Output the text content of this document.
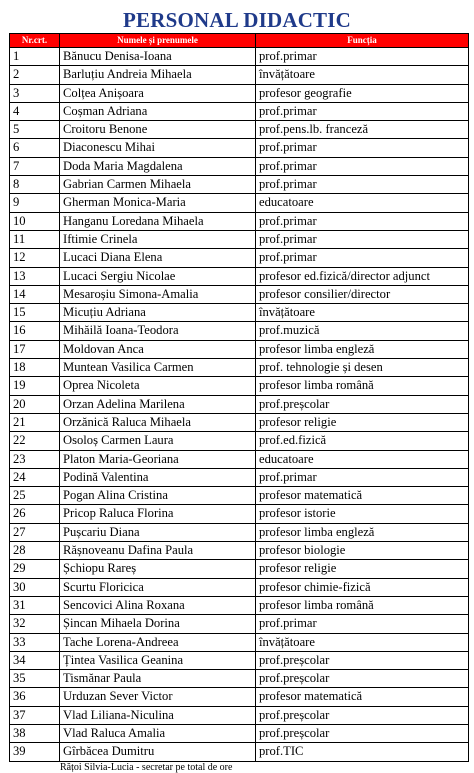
PERSONAL DIDACTIC
Nr.crt.	Numele și prenumele	Funcția
1	Bănucu Denisa-Ioana	prof.primar
2	Barluțiu Andreia Mihaela	învățătoare
3	Colțea Anișoara	profesor geografie
4	Coșman Adriana	prof.primar
5	Croitoru Benone	prof.pens.lb. franceză
6	Diaconescu Mihai	prof.primar
7	Doda Maria Magdalena	prof.primar
8	Gabrian Carmen Mihaela	prof.primar
9	Gherman Monica-Maria	educatoare
10	Hanganu Loredana Mihaela	prof.primar
11	Iftimie Crinela	prof.primar
12	Lucaci Diana Elena	prof.primar
13	Lucaci Sergiu Nicolae	profesor ed.fizică/director adjunct
14	Mesaroșiu Simona-Amalia	profesor consilier/director
15	Micuțiu Adriana	învățătoare
16	Mihăilă Ioana-Teodora	prof.muzică
17	Moldovan Anca	profesor limba engleză
18	Muntean Vasilica Carmen	prof. tehnologie și desen
19	Oprea Nicoleta	profesor limba română
20	Orzan Adelina Marilena	prof.preșcolar
21	Orzănică Raluca Mihaela	profesor religie
22	Osoloș Carmen Laura	prof.ed.fizică
23	Platon Maria-Georiana	educatoare
24	Podină Valentina	prof.primar
25	Pogan Alina Cristina	profesor matematică
26	Pricop Raluca Florina	profesor istorie
27	Pușcariu Diana	profesor limba engleză
28	Rășnoveanu Dafina Paula	profesor biologie
29	Șchiopu Rareș	profesor religie
30	Scurtu Floricica	profesor chimie-fizică
31	Sencovici Alina Roxana	profesor limba română
32	Șincan Mihaela Dorina	prof.primar
33	Tache Lorena-Andreea	învățătoare
34	Țintea Vasilica Geanina	prof.preșcolar
35	Tismănar Paula	prof.preșcolar
36	Urduzan Sever Victor	profesor matematică
37	Vlad Liliana-Niculina	prof.preșcolar
38	Vlad Raluca Amalia	prof.preșcolar
39	Gîrbăcea Dumitru	prof.TIC
Rățoi Silvia-Lucia - secretar pe total de ore
